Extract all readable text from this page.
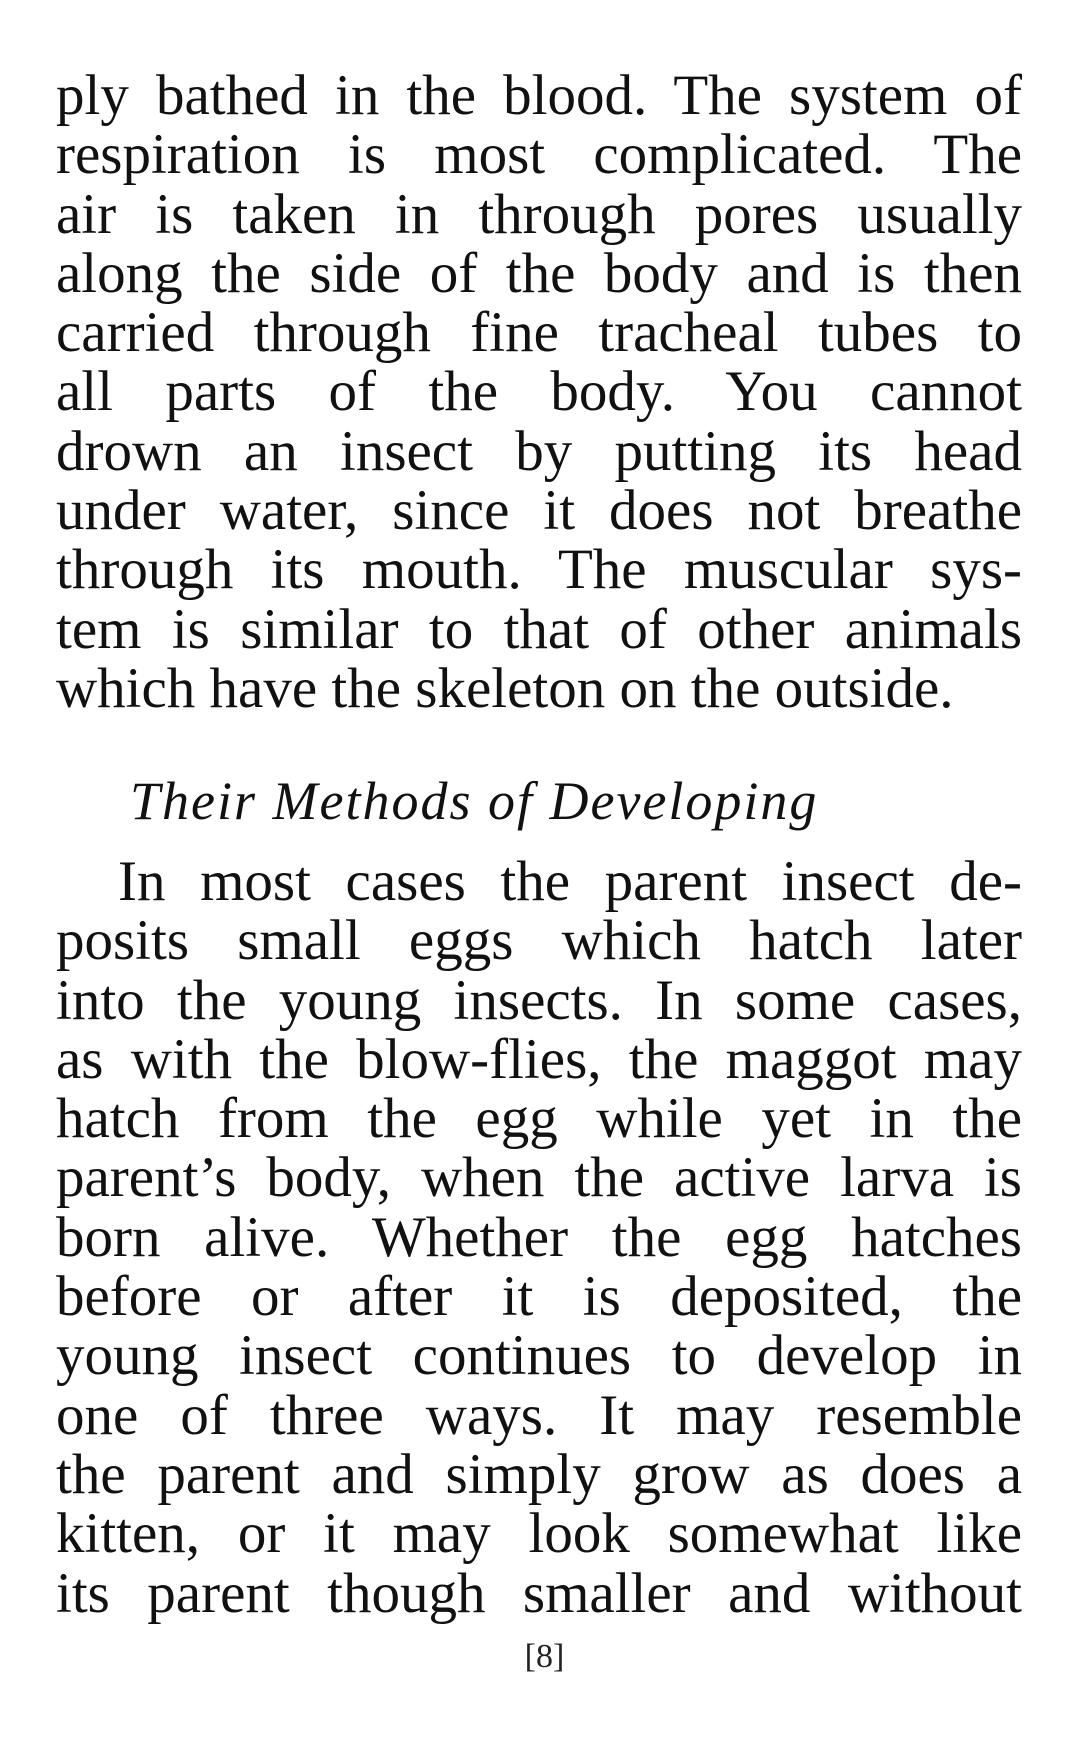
ply bathed in the blood. The system of
respiration is most complicated. The
air is taken in through pores usually
along the side of the body and is then
carried through fine tracheal tubes to
all parts of the body. You cannot
drown an insect by putting its head
under water, since it does not breathe
through its mouth. The muscular sys-
tem is similar to that of other animals
which have the skeleton on the outside.
Their Methods of Developing
In most cases the parent insect de-
posits small eggs which hatch later
into the young insects. In some cases,
as with the blow-flies, the maggot may
hatch from the egg while yet in the
parent’s body, when the active larva is
born alive. Whether the egg hatches
before or after it is deposited, the
young insect continues to develop in
one of three ways. It may resemble
the parent and simply grow as does a
kitten, or it may look somewhat like
its parent though smaller and without
[8]
